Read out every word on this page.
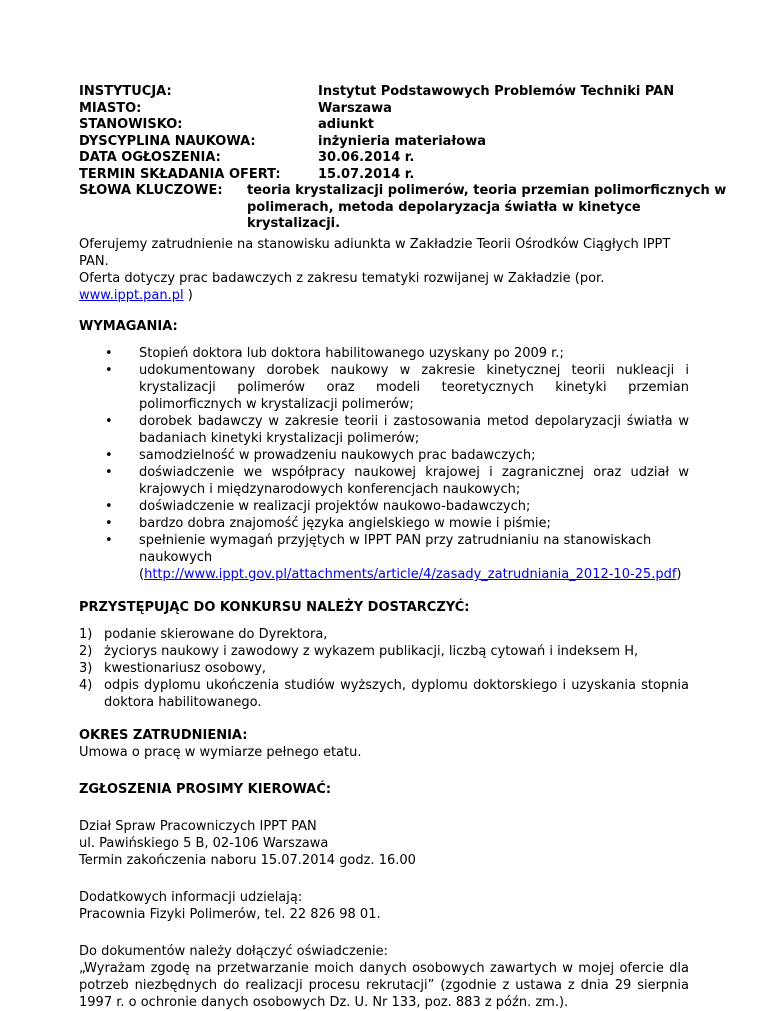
INSTYTUCJA:	Instytut Podstawowych Problemów Techniki PAN
MIASTO:	Warszawa
STANOWISKO:	adiunkt
DYSCYPLINA NAUKOWA:	inżynieria materiałowa
DATA OGŁOSZENIA:	30.06.2014 r.
TERMIN SKŁADANIA OFERT:	15.07.2014 r.
SŁOWA KLUCZOWE: teoria krystalizacji polimerów, teoria przemian polimorficznych w polimerach, metoda depolaryzacja światła w kinetyce krystalizacji.

Oferujemy zatrudnienie na stanowisku adiunkta w Zakładzie Teorii Ośrodków Ciągłych IPPT PAN.

Oferta dotyczy prac badawczych z zakresu tematyki rozwijanej w Zakładzie (por. www.ippt.pan.pl )

WYMAGANIA:

• Stopień doktora lub doktora habilitowanego uzyskany po 2009 r.;
• udokumentowany dorobek naukowy w zakresie kinetycznej teorii nukleacji i krystalizacji polimerów oraz modeli teoretycznych kinetyki przemian polimorficznych w krystalizacji polimerów;
• dorobek badawczy w zakresie teorii i zastosowania metod depolaryzacji światła w badaniach kinetyki krystalizacji polimerów;
• samodzielność w prowadzeniu naukowych prac badawczych;
• doświadczenie we współpracy naukowej krajowej i zagranicznej oraz udział w krajowych i międzynarodowych konferencjach naukowych;
• doświadczenie w realizacji projektów naukowo-badawczych;
• bardzo dobra znajomość języka angielskiego w mowie i piśmie;
• spełnienie wymagań przyjętych w IPPT PAN przy zatrudnianiu na stanowiskach naukowych
(http://www.ippt.gov.pl/attachments/article/4/zasady_zatrudniania_2012-10-25.pdf)

PRZYSTĘPUJĄC DO KONKURSU NALEŻY DOSTARCZYĆ:

1) podanie skierowane do Dyrektora,
2) życiorys naukowy i zawodowy z wykazem publikacji, liczbą cytowań i indeksem H,
3) kwestionariusz osobowy,
4) odpis dyplomu ukończenia studiów wyższych, dyplomu doktorskiego i uzyskania stopnia doktora habilitowanego.

OKRES ZATRUDNIENIA:

Umowa o pracę w wymiarze pełnego etatu.

ZGŁOSZENIA PROSIMY KIEROWAĆ:

Dział Spraw Pracowniczych IPPT PAN

ul. Pawińskiego 5 B, 02-106 Warszawa

Termin zakończenia naboru 15.07.2014 godz. 16.00

Dodatkowych informacji udzielają:

Pracownia Fizyki Polimerów, tel. 22 826 98 01.

Do dokumentów należy dołączyć oświadczenie:

„Wyrażam zgodę na przetwarzanie moich danych osobowych zawartych w mojej ofercie dla potrzeb niezbędnych do realizacji procesu rekrutacji” (zgodnie z ustawa z dnia 29 sierpnia 1997 r. o ochronie danych osobowych Dz. U. Nr 133, poz. 883 z późn. zm.).
